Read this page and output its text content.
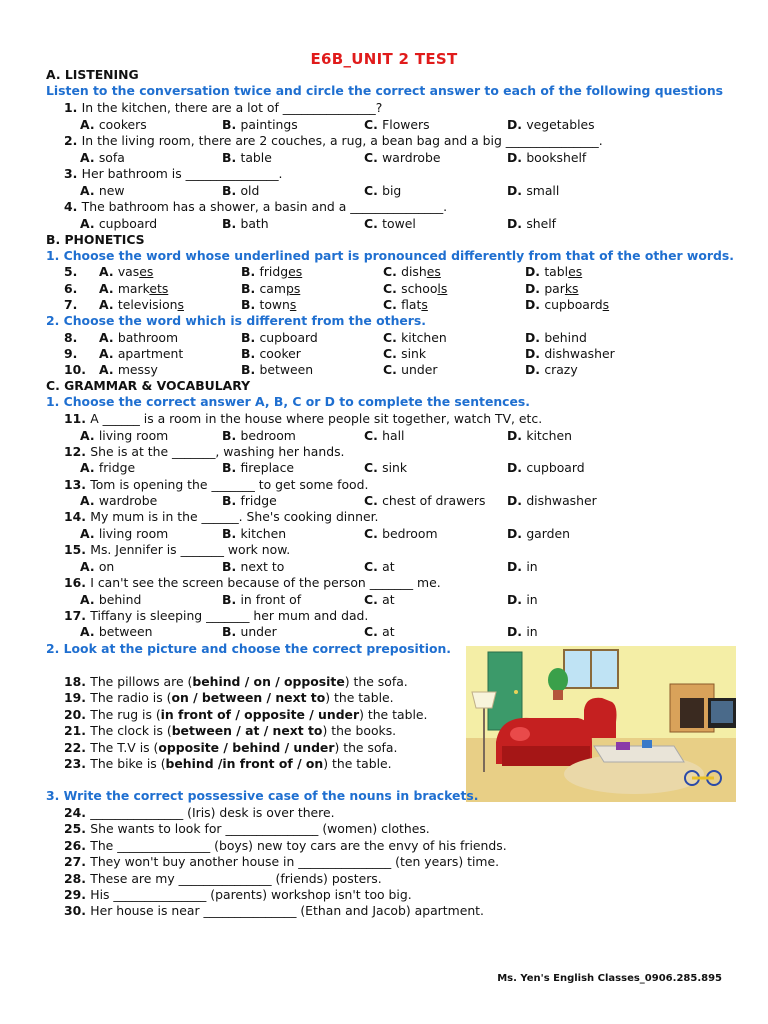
E6B_UNIT 2 TEST
A. LISTENING
Listen to the conversation twice and circle the correct answer to each of the following questions
1. In the kitchen, there are a lot of _______________?
A. cookers	B. paintings	C. Flowers	D. vegetables
2. In the living room, there are 2 couches, a rug, a bean bag and a big _______________.
A. sofa	B. table	C. wardrobe	D. bookshelf
3. Her bathroom is _______________.
A. new	B. old	C. big	D. small
4. The bathroom has a shower, a basin and a _______________.
A. cupboard	B. bath	C. towel	D. shelf
B. PHONETICS
1. Choose the word whose underlined part is pronounced differently from that of the other words.
5. A. vases	B. fridges	C. dishes	D. tables
6. A. markets	B. camps	C. schools	D. parks
7. A. televisions	B. towns	C. flats	D. cupboards
2. Choose the word which is different from the others.
8. A. bathroom	B. cupboard	C. kitchen	D. behind
9. A. apartment	B. cooker	C. sink	D. dishwasher
10. A. messy	B. between	C. under	D. crazy
C. GRAMMAR & VOCABULARY
1. Choose the correct answer A, B, C or D to complete the sentences.
11. A ______ is a room in the house where people sit together, watch TV, etc.
A. living room	B. bedroom	C. hall	D. kitchen
12. She is at the _______, washing her hands.
A. fridge	B. fireplace	C. sink	D. cupboard
13. Tom is opening the _______ to get some food.
A. wardrobe	B. fridge	C. chest of drawers D. dishwasher
14. My mum is in the ______. She's cooking dinner.
A. living room	B. kitchen	C. bedroom	D. garden
15. Ms. Jennifer is _______ work now.
A. on	B. next to	C. at	D. in
16. I can't see the screen because of the person _______ me.
A. behind	B. in front of	C. at	D. in
17. Tiffany is sleeping _______ her mum and dad.
A. between	B. under	C. at	D. in
2. Look at the picture and choose the correct preposition.
18. The pillows are (behind / on / opposite) the sofa.
19. The radio is (on / between / next to) the table.
20. The rug is (in front of / opposite / under) the table.
21. The clock is (between / at / next to) the books.
22. The T.V is (opposite / behind / under) the sofa.
23. The bike is (behind /in front of / on) the table.
3. Write the correct possessive case of the nouns in brackets.
24. _______________ (Iris) desk is over there.
25. She wants to look for _______________ (women) clothes.
26. The _______________ (boys) new toy cars are the envy of his friends.
27. They won't buy another house in _______________ (ten years) time.
28. These are my _______________ (friends) posters.
29. His _______________ (parents) workshop isn't too big.
30. Her house is near _______________ (Ethan and Jacob) apartment.
Ms. Yen's English Classes_0906.285.895
